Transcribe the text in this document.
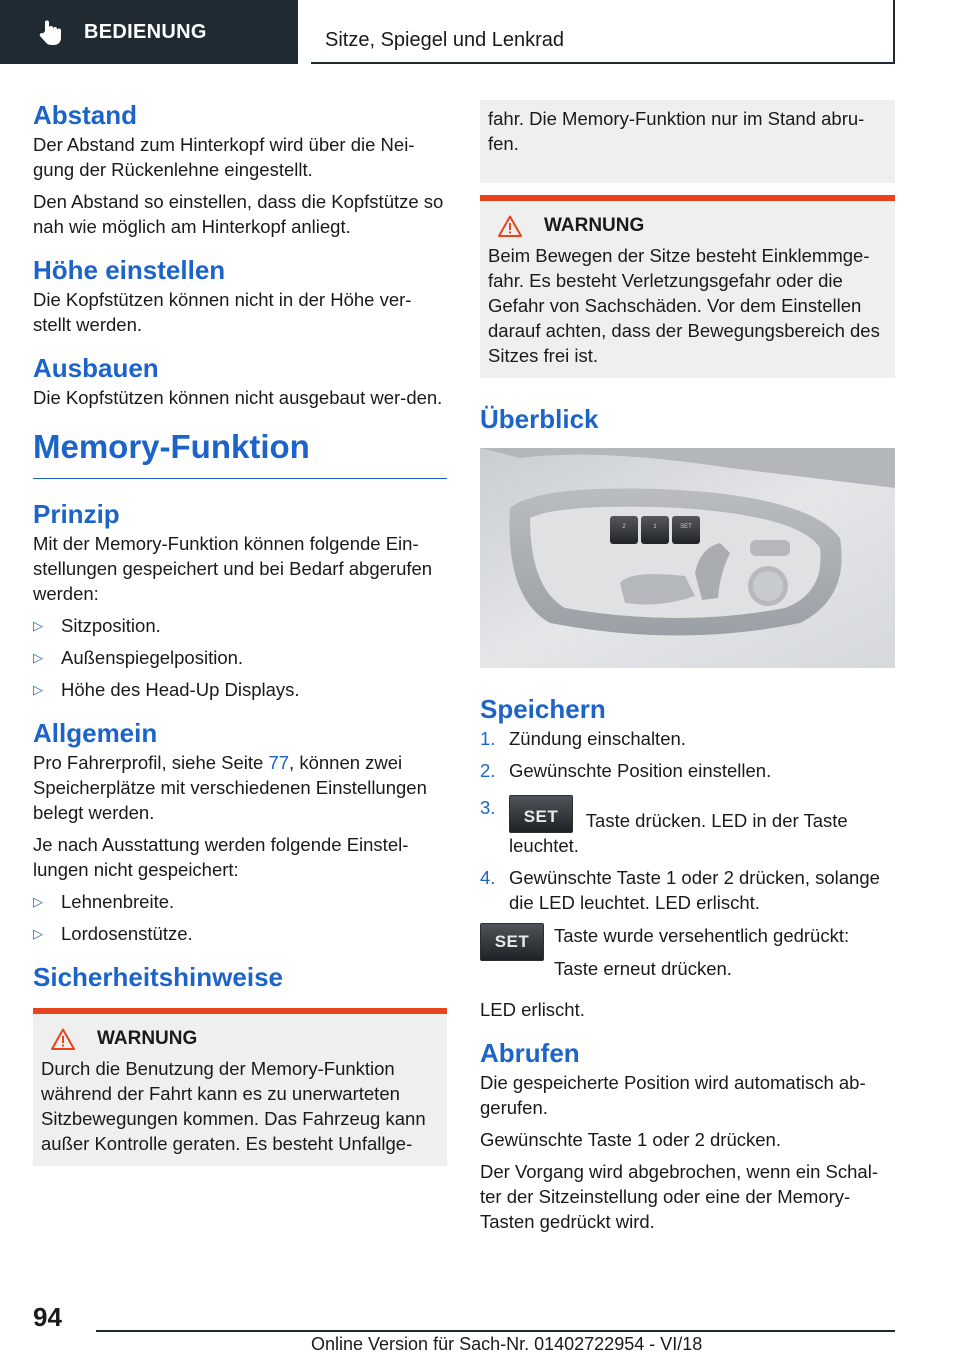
BEDIENUNG	Sitze, Spiegel und Lenkrad
Abstand

Der Abstand zum Hinterkopf wird über die Nei-gung der Rückenlehne eingestellt.

Den Abstand so einstellen, dass die Kopfstütze so nah wie möglich am Hinterkopf anliegt.

Höhe einstellen

Die Kopfstützen können nicht in der Höhe ver-stellt werden.

Ausbauen

Die Kopfstützen können nicht ausgebaut wer-den.

Memory-Funktion
Prinzip

Mit der Memory-Funktion können folgende Ein-stellungen gespeichert und bei Bedarf abgerufen werden:

▷ Sitzposition.
▷ Außenspiegelposition.
▷ Höhe des Head-Up Displays.
Allgemein

Pro Fahrerprofil, siehe Seite 77, können zwei Speicherplätze mit verschiedenen Einstellungen belegt werden.

Je nach Ausstattung werden folgende Einstel-lungen nicht gespeichert:

▷ Lehnenbreite.
▷ Lordosenstütze.
Sicherheitshinweise
WARNUNG

Durch die Benutzung der Memory-Funktion während der Fahrt kann es zu unerwarteten Sitzbewegungen kommen. Das Fahrzeug kann außer Kontrolle geraten. Es besteht Unfallge-

fahr. Die Memory-Funktion nur im Stand abru-fen.

WARNUNG

Beim Bewegen der Sitze besteht Einklemmge-fahr. Es besteht Verletzungsgefahr oder die Gefahr von Sachschäden. Vor dem Einstellen darauf achten, dass der Bewegungsbereich des Sitzes frei ist.

Überblick
2	1	SET
Speichern
1. Zündung einschalten.
2. Gewünschte Position einstellen.
3.	SET	Taste drücken. LED in der Taste leuchtet.
4. Gewünschte Taste 1 oder 2 drücken, solange die LED leuchtet. LED erlischt.
SET	Taste wurde versehentlich gedrückt:

Taste erneut drücken.

LED erlischt.

Abrufen

Die gespeicherte Position wird automatisch ab-gerufen.

Gewünschte Taste 1 oder 2 drücken.

Der Vorgang wird abgebrochen, wenn ein Schal-ter der Sitzeinstellung oder eine der Memory-Tasten gedrückt wird.

94
Online Version für Sach-Nr. 01402722954 - VI/18
